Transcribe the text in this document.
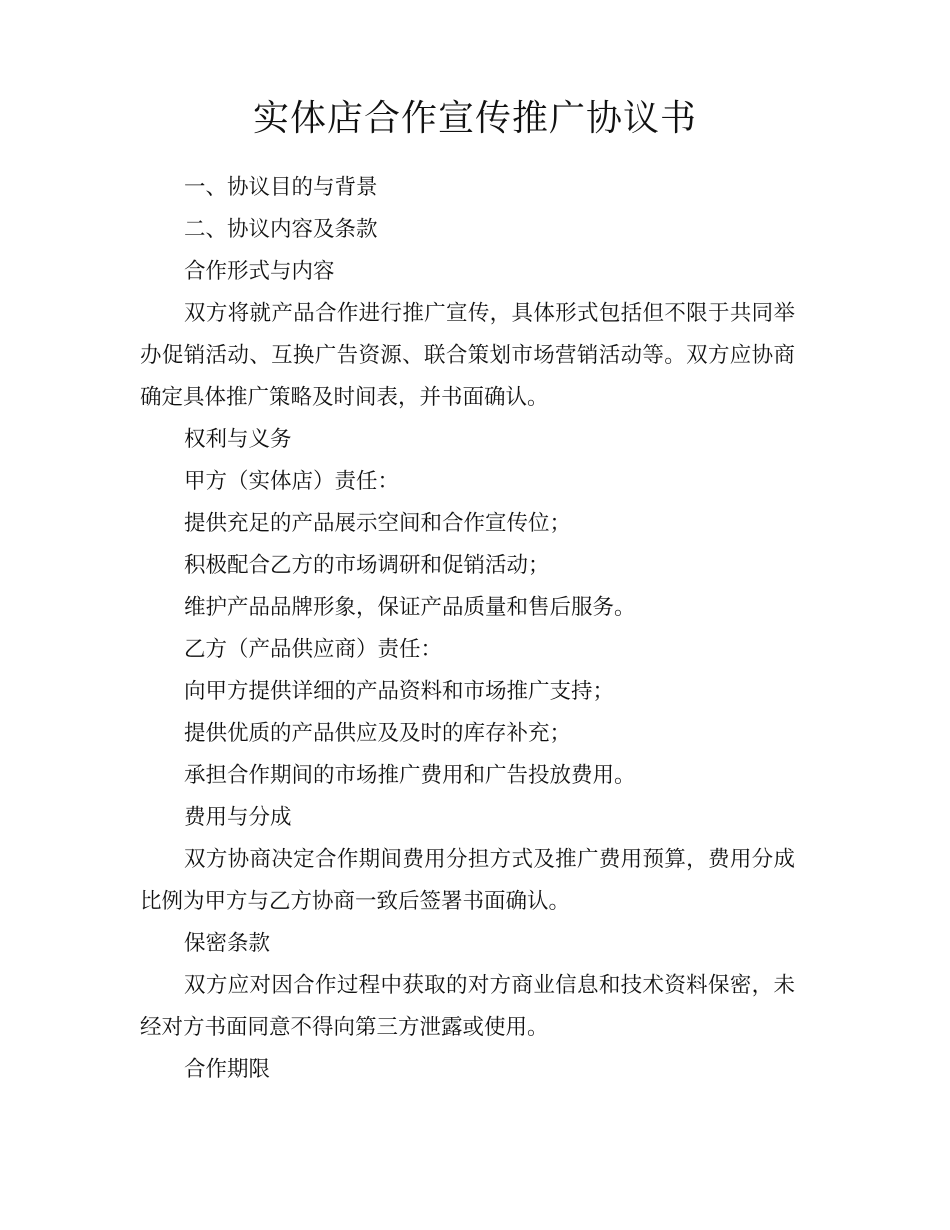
实体店合作宣传推广协议书

一、协议目的与背景

二、协议内容及条款

合作形式与内容

双方将就产品合作进行推广宣传，具体形式包括但不限于共同举办促销活动、互换广告资源、联合策划市场营销活动等。双方应协商确定具体推广策略及时间表，并书面确认。

权利与义务

甲方（实体店）责任：

提供充足的产品展示空间和合作宣传位；

积极配合乙方的市场调研和促销活动；

维护产品品牌形象，保证产品质量和售后服务。

乙方（产品供应商）责任：

向甲方提供详细的产品资料和市场推广支持；

提供优质的产品供应及及时的库存补充；

承担合作期间的市场推广费用和广告投放费用。

费用与分成

双方协商决定合作期间费用分担方式及推广费用预算，费用分成比例为甲方与乙方协商一致后签署书面确认。

保密条款

双方应对因合作过程中获取的对方商业信息和技术资料保密，未经对方书面同意不得向第三方泄露或使用。

合作期限
